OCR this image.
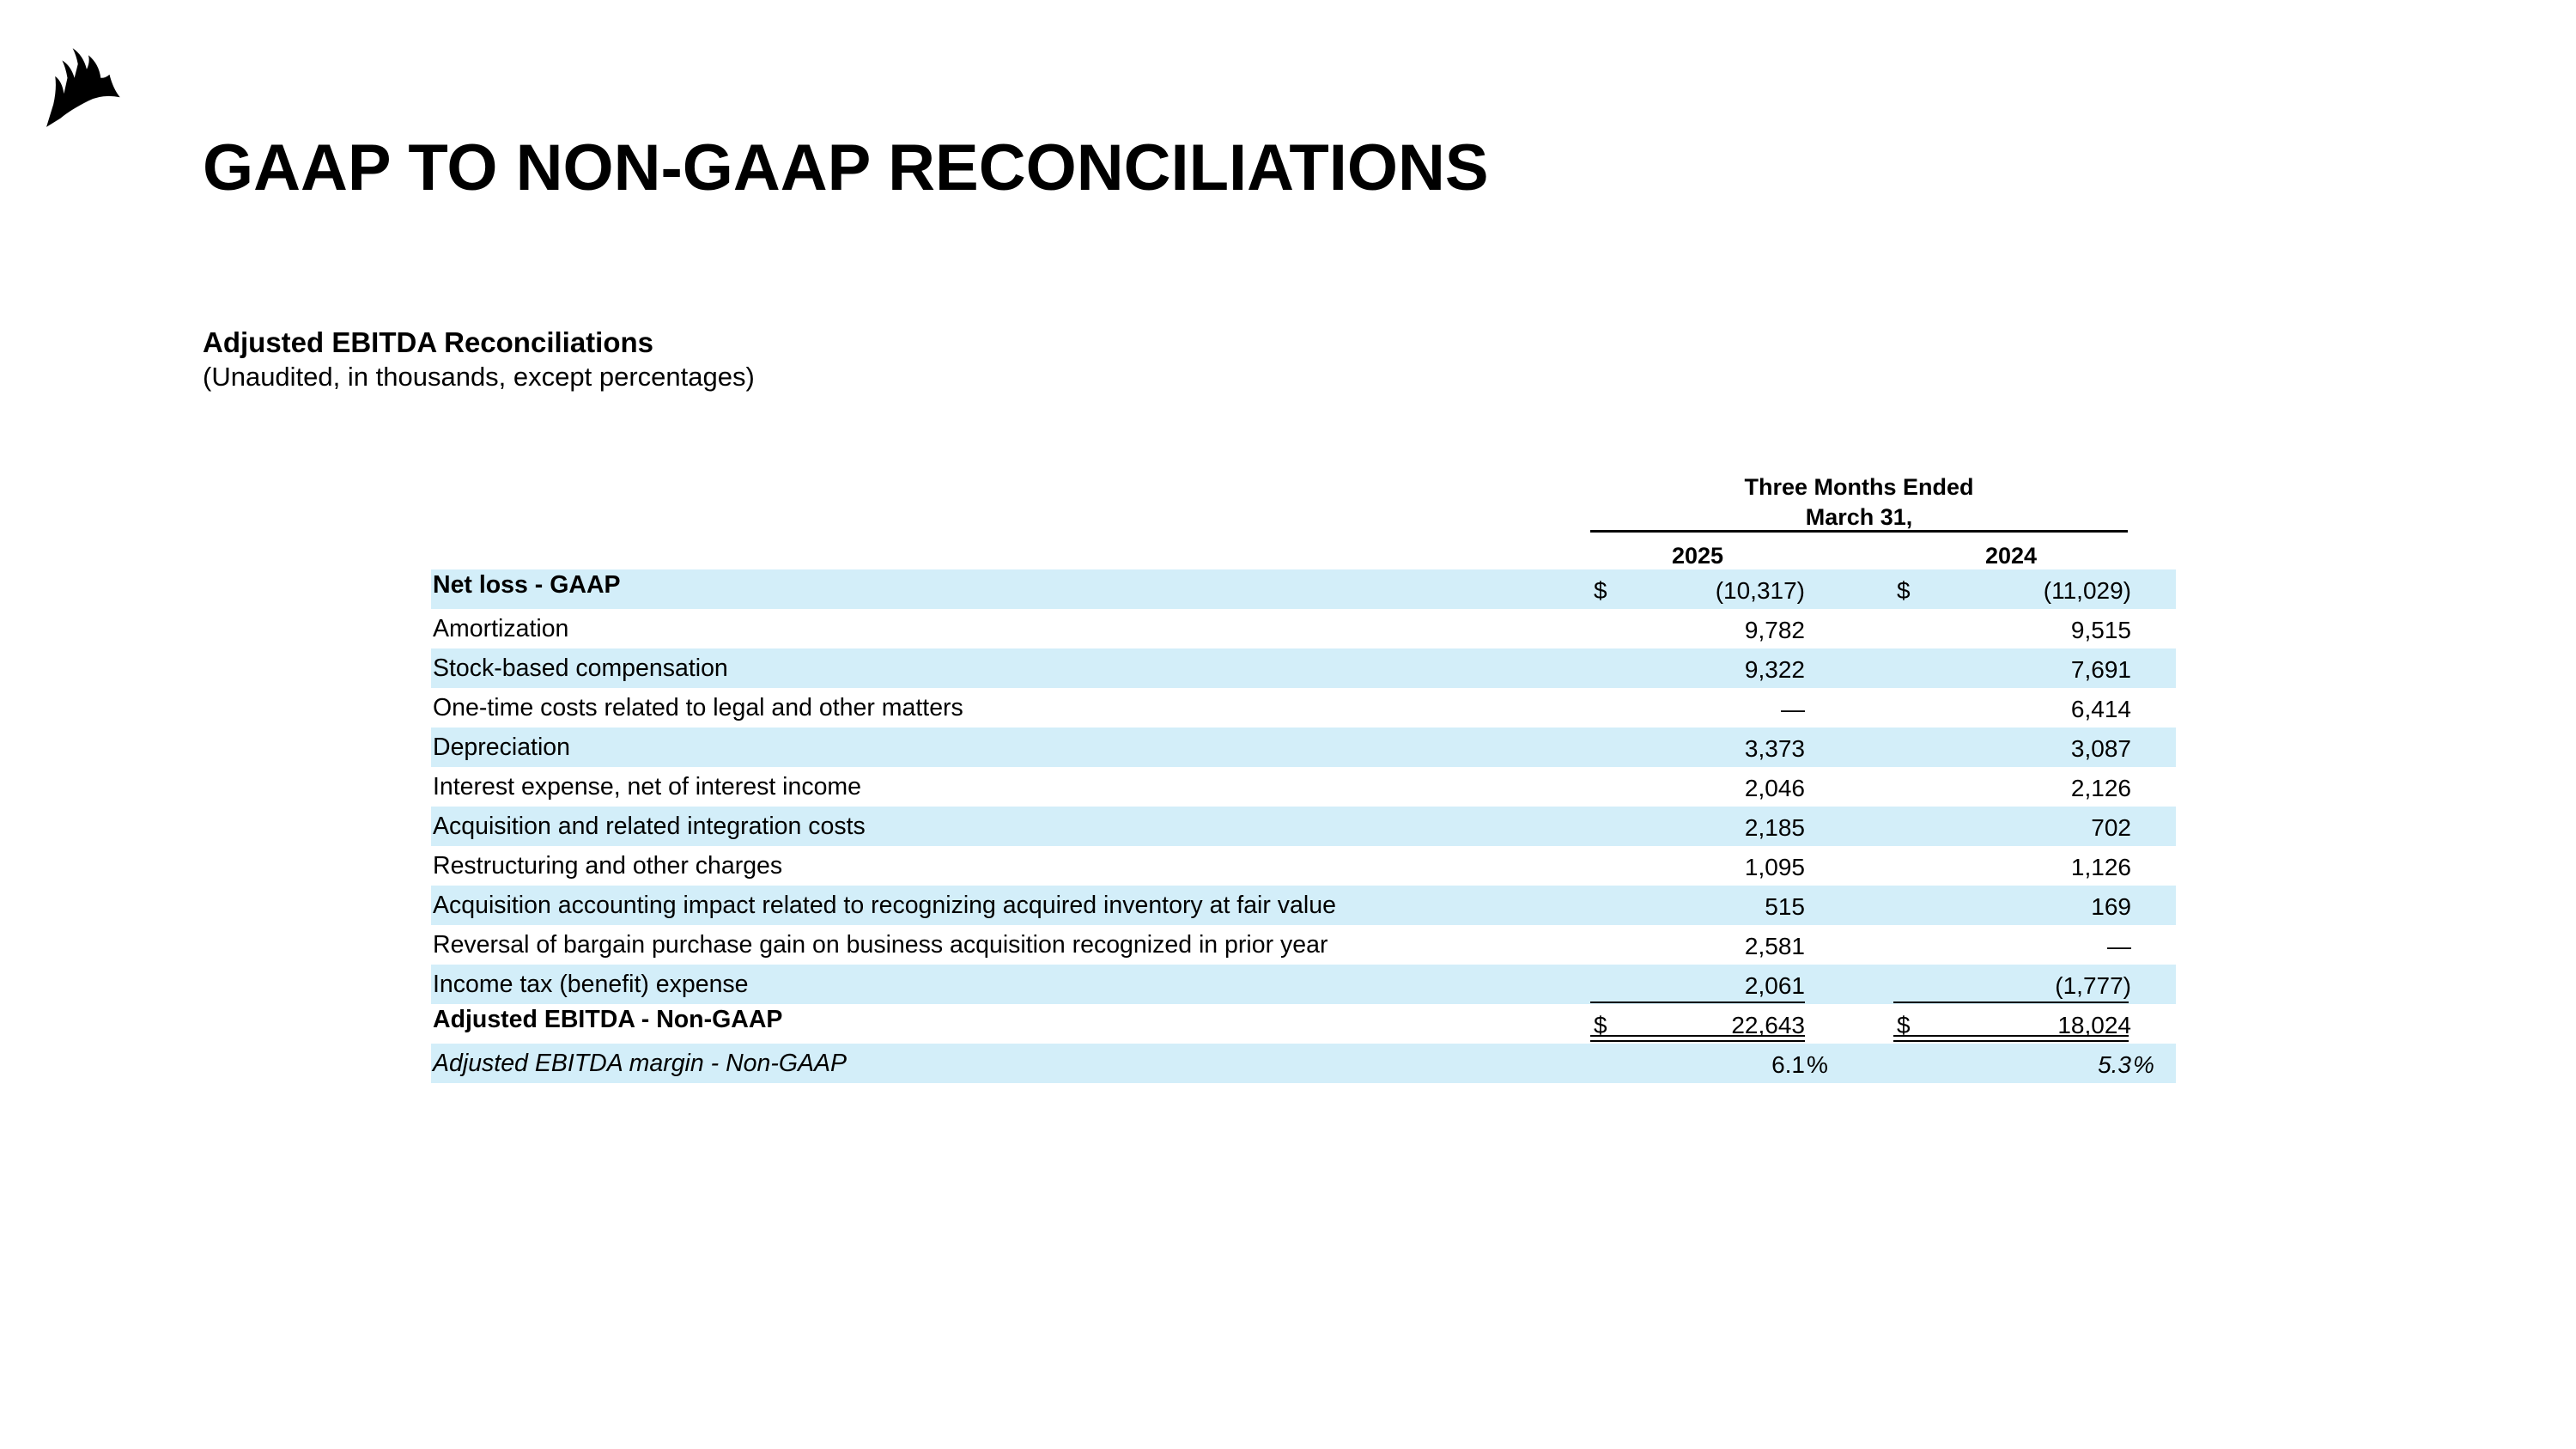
GAAP TO NON-GAAP RECONCILIATIONS
Adjusted EBITDA Reconciliations
(Unaudited, in thousands, except percentages)
Three Months Ended
March 31,
2025	2024
Net loss - GAAP	$	(10,317)	$	(11,029)
Amortization	9,782	9,515
Stock-based compensation	9,322	7,691
One-time costs related to legal and other matters	—	6,414
Depreciation	3,373	3,087
Interest expense, net of interest income	2,046	2,126
Acquisition and related integration costs	2,185	702
Restructuring and other charges	1,095	1,126
Acquisition accounting impact related to recognizing acquired inventory at fair value	515	169
Reversal of bargain purchase gain on business acquisition recognized in prior year	2,581	—
Income tax (benefit) expense	2,061	(1,777)
Adjusted EBITDA - Non-GAAP	$	22,643	$	18,024
Adjusted EBITDA margin - Non-GAAP	6.1 %	5.3 %
